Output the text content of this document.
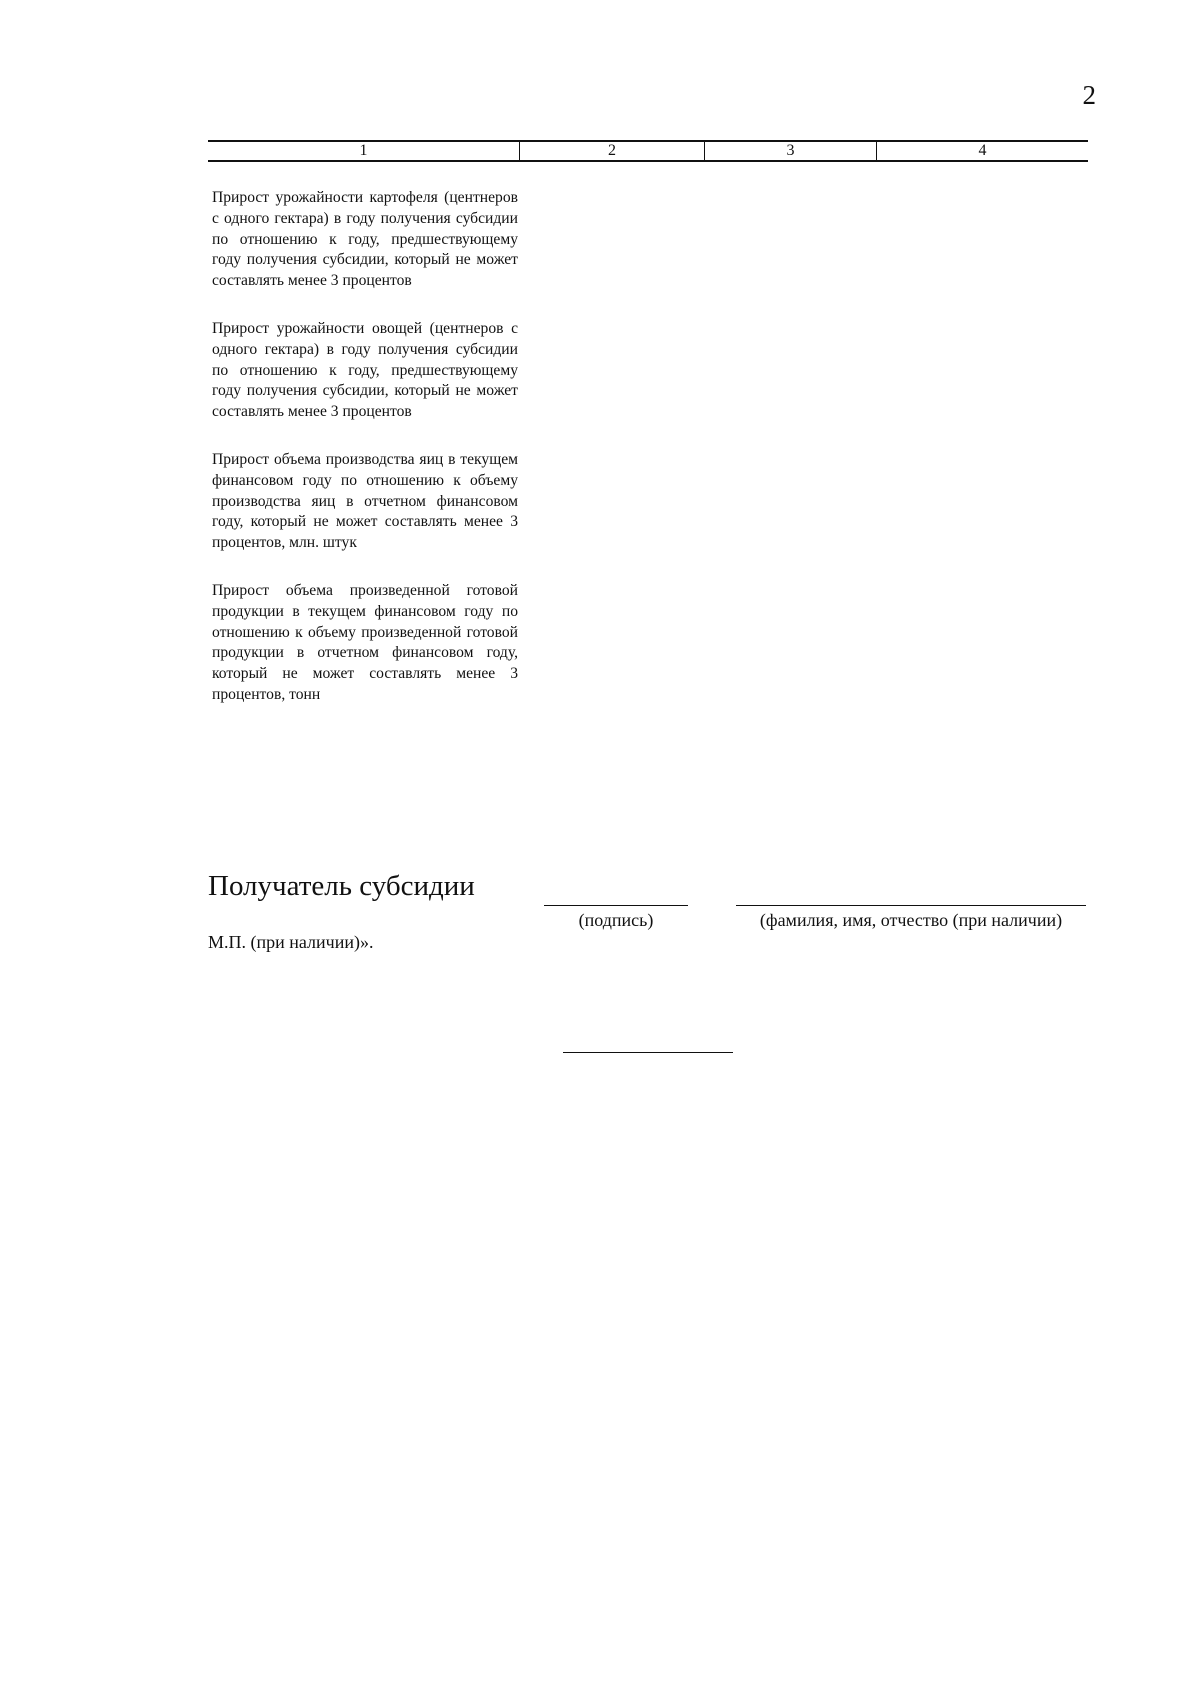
2
1	2	3	4

Прирост урожайности картофеля (центнеров с одного гектара) в году получения субсидии по отношению к году, предшествующему году получения субсидии, который не может составлять менее 3 процентов

Прирост урожайности овощей (центнеров с одного гектара) в году получения субсидии по отношению к году, предшествующему году получения субсидии, который не может составлять менее 3 процентов

Прирост объема производства яиц в текущем финансовом году по отношению к объему производства яиц в отчетном финансовом году, который не может составлять менее 3 процентов, млн. штук

Прирост объема произведенной готовой продукции в текущем финансовом году по отношению к объему произведенной готовой продукции в отчетном финансовом году, который не может составлять менее 3 процентов, тонн

Получатель субсидии
(подпись)	(фамилия, имя, отчество (при наличии)
М.П. (при наличии)».
